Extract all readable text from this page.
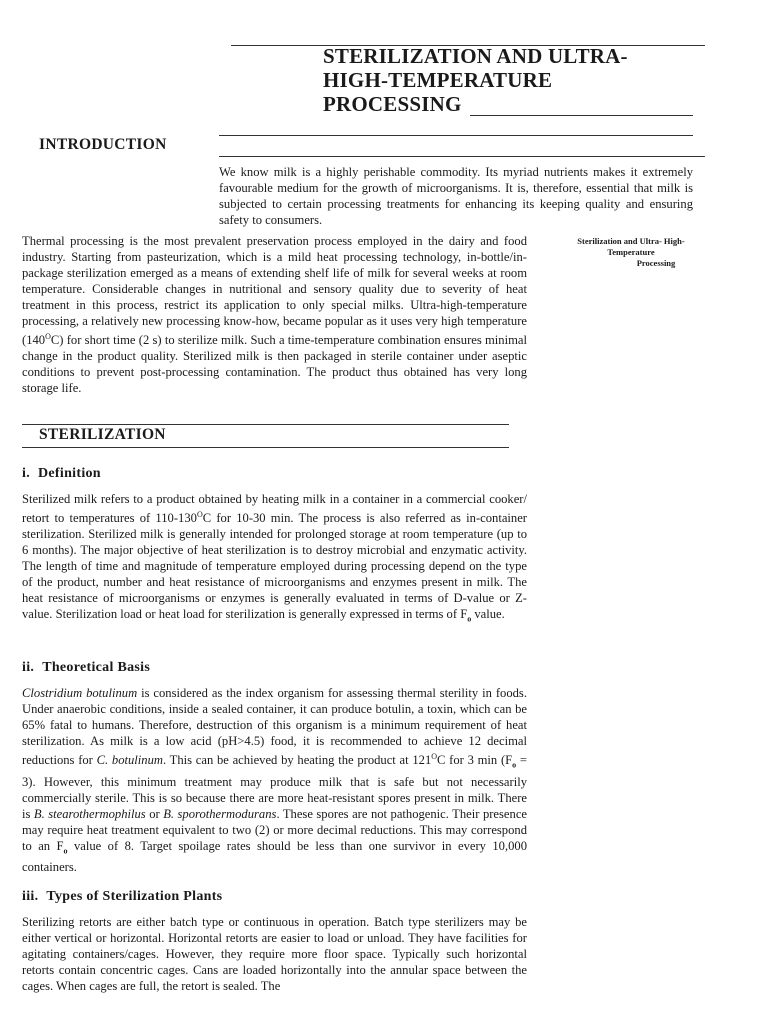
STERILIZATION AND ULTRA-
HIGH-TEMPERATURE
PROCESSING
INTRODUCTION

We know milk is a highly perishable commodity. Its myriad nutrients makes it extremely favourable medium for the growth of microorganisms. It is, therefore, essential that milk is subjected to certain processing treatments for enhancing its keeping quality and ensuring safety to consumers.

Sterilization and Ultra- High-
Temperature
Processing

Thermal processing is the most prevalent preservation process employed in the dairy and food industry. Starting from pasteurization, which is a mild heat processing technology, in-bottle/in-package sterilization emerged as a means of extending shelf life of milk for several weeks at room temperature. Considerable changes in nutritional and sensory quality due to severity of heat treatment in this process, restrict its application to only special milks. Ultra-high-temperature processing, a relatively new processing know-how, became popular as it uses very high temperature $(140^OC)$ for short time (2 s) to sterilize milk. Such a time-temperature combination ensures minimal change in the product quality. Sterilized milk is then packaged in sterile container under aseptic conditions to prevent post-processing contamination. The product thus obtained has very long storage life.

STERILIZATION
i. Definition

Sterilized milk refers to a product obtained by heating milk in a container in a commercial cooker/ retort to temperatures of $110-130^OC$ for 10-30 min. The process is also referred as in-container sterilization. Sterilized milk is generally intended for prolonged storage at room temperature (up to 6 months). The major objective of heat sterilization is to destroy microbial and enzymatic activity. The length of time and magnitude of temperature employed during processing depend on the type of the product, number and heat resistance of microorganisms and enzymes present in milk. The heat resistance of microorganisms or enzymes is generally evaluated in terms of D-value or Z-value. Sterilization load or heat load for sterilization is generally expressed in terms of $F_o$ value.

ii. Theoretical Basis

Clostridium botulinum is considered as the index organism for assessing thermal sterility in foods. Under anaerobic conditions, inside a sealed container, it can produce botulin, a toxin, which can be 65% fatal to humans. Therefore, destruction of this organism is a minimum requirement of heat sterilization. As milk is a low acid (pH>4.5) food, it is recommended to achieve 12 decimal reductions for C. botulinum. This can be achieved by heating the product at $121^OC$ for 3 $\min (F_o = 3)$. However, this minimum treatment may produce milk that is safe but not necessarily commercially sterile. This is so because there are more heat-resistant spores present in milk. There is B. stearothermophilus or B. sporothermodurans. These spores are not pathogenic. Their presence may require heat treatment equivalent to two (2) or more decimal reductions. This may correspond to an $F_o$ value of 8. Target spoilage rates should be less than one survivor in every 10,000 containers.

iii. Types of Sterilization Plants

Sterilizing retorts are either batch type or continuous in operation. Batch type sterilizers may be either vertical or horizontal. Horizontal retorts are easier to load or unload. They have facilities for agitating containers/cages. However, they require more floor space. Typically such horizontal retorts contain concentric cages. Cans are loaded horizontally into the annular space between the cages. When cages are full, the retort is sealed. The
